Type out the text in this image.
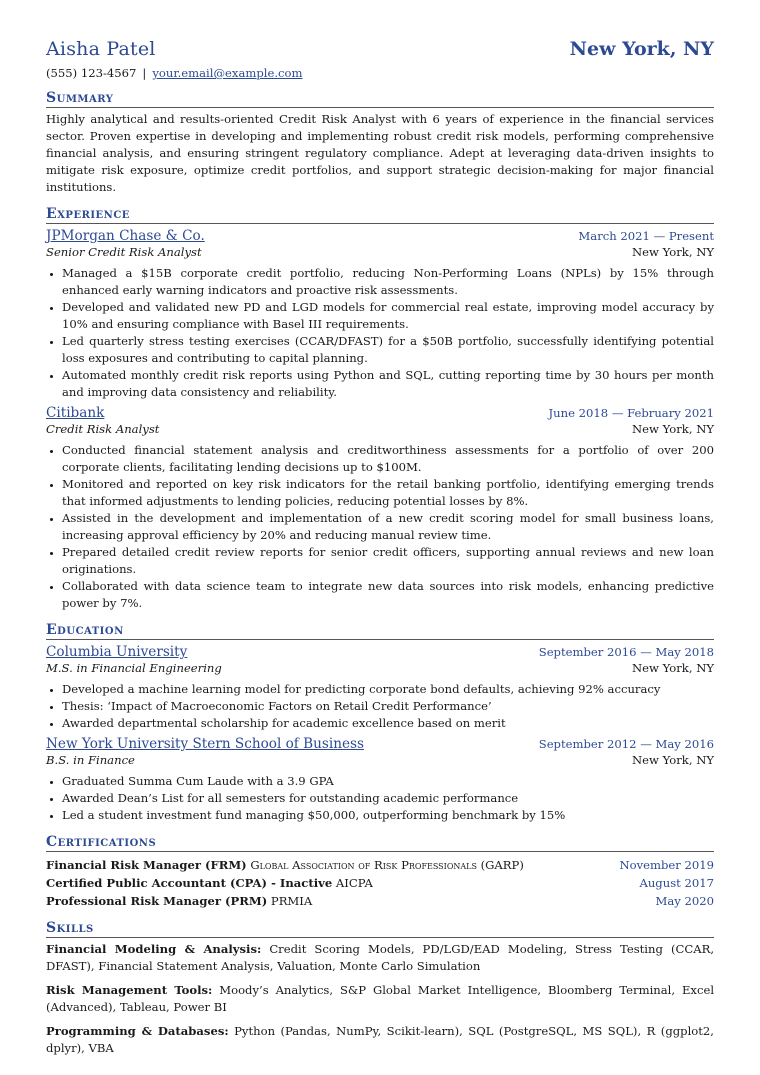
Aisha Patel	New York, NY
(555) 123-4567 | your.email@example.com
Summary
Highly analytical and results-oriented Credit Risk Analyst with 6 years of experience in the financial services sector. Proven expertise in developing and implementing robust credit risk models, performing comprehensive financial analysis, and ensuring stringent regulatory compliance. Adept at leveraging data-driven insights to mitigate risk exposure, optimize credit portfolios, and support strategic decision-making for major financial institutions.
Experience
JPMorgan Chase & Co.	March 2021 — Present
Senior Credit Risk Analyst	New York, NY
• Managed a $15B corporate credit portfolio, reducing Non-Performing Loans (NPLs) by 15% through enhanced early warning indicators and proactive risk assessments.
• Developed and validated new PD and LGD models for commercial real estate, improving model accuracy by 10% and ensuring compliance with Basel III requirements.
• Led quarterly stress testing exercises (CCAR/DFAST) for a $50B portfolio, successfully identifying potential loss exposures and contributing to capital planning.
• Automated monthly credit risk reports using Python and SQL, cutting reporting time by 30 hours per month and improving data consistency and reliability.
Citibank	June 2018 — February 2021
Credit Risk Analyst	New York, NY
• Conducted financial statement analysis and creditworthiness assessments for a portfolio of over 200 corporate clients, facilitating lending decisions up to $100M.
• Monitored and reported on key risk indicators for the retail banking portfolio, identifying emerging trends that informed adjustments to lending policies, reducing potential losses by 8%.
• Assisted in the development and implementation of a new credit scoring model for small business loans, increasing approval efficiency by 20% and reducing manual review time.
• Prepared detailed credit review reports for senior credit officers, supporting annual reviews and new loan originations.
• Collaborated with data science team to integrate new data sources into risk models, enhancing predictive power by 7%.
Education
Columbia University	September 2016 — May 2018
M.S. in Financial Engineering	New York, NY
• Developed a machine learning model for predicting corporate bond defaults, achieving 92% accuracy
• Thesis: ‘Impact of Macroeconomic Factors on Retail Credit Performance’
• Awarded departmental scholarship for academic excellence based on merit
New York University Stern School of Business	September 2012 — May 2016
B.S. in Finance	New York, NY
• Graduated Summa Cum Laude with a 3.9 GPA
• Awarded Dean’s List for all semesters for outstanding academic performance
• Led a student investment fund managing $50,000, outperforming benchmark by 15%
Certifications
Financial Risk Manager (FRM) Global Association of Risk Professionals (GARP)	November 2019
Certified Public Accountant (CPA) - Inactive AICPA	August 2017
Professional Risk Manager (PRM) PRMIA	May 2020
Skills
Financial Modeling & Analysis: Credit Scoring Models, PD/LGD/EAD Modeling, Stress Testing (CCAR, DFAST), Financial Statement Analysis, Valuation, Monte Carlo Simulation
Risk Management Tools: Moody’s Analytics, S&P Global Market Intelligence, Bloomberg Terminal, Excel (Advanced), Tableau, Power BI
Programming & Databases: Python (Pandas, NumPy, Scikit-learn), SQL (PostgreSQL, MS SQL), R (ggplot2, dplyr), VBA
